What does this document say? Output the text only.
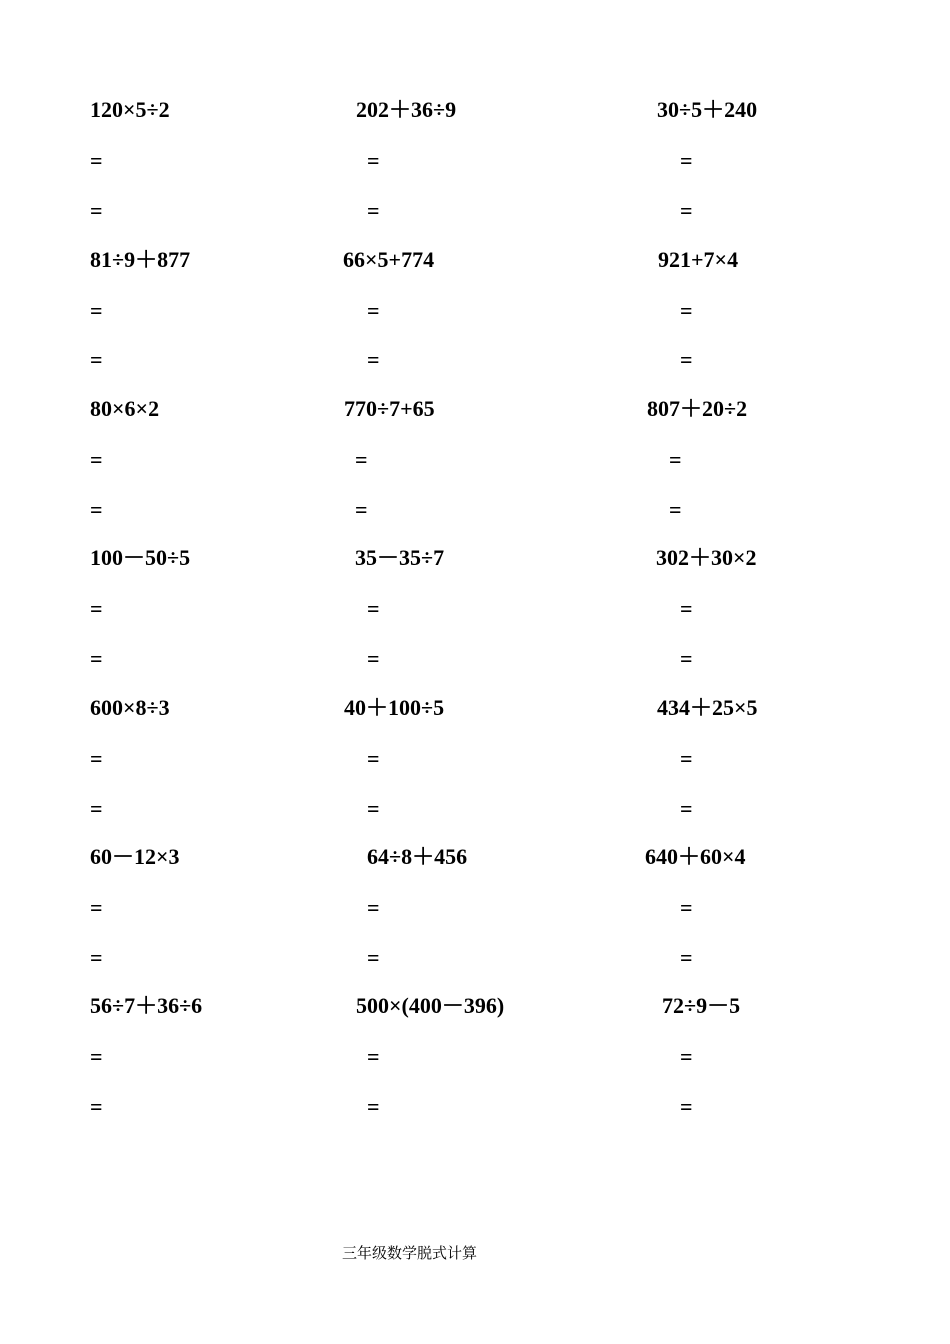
120×5÷2
=
=
202＋36÷9
=
=
30÷5＋240
=
=
81÷9＋877
=
=
66×5+774
=
=
921+7×4
=
=
80×6×2
=
=
770÷7+65
=
=
807＋20÷2
=
=
100－50÷5
=
=
35－35÷7
=
=
302＋30×2
=
=
600×8÷3
=
=
40＋100÷5
=
=
434＋25×5
=
=
60－12×3
=
=
64÷8＋456
=
=
640＋60×4
=
=
56÷7＋36÷6
=
=
500×(400－396)
=
=
72÷9－5
=
=
三年级数学脱式计算
